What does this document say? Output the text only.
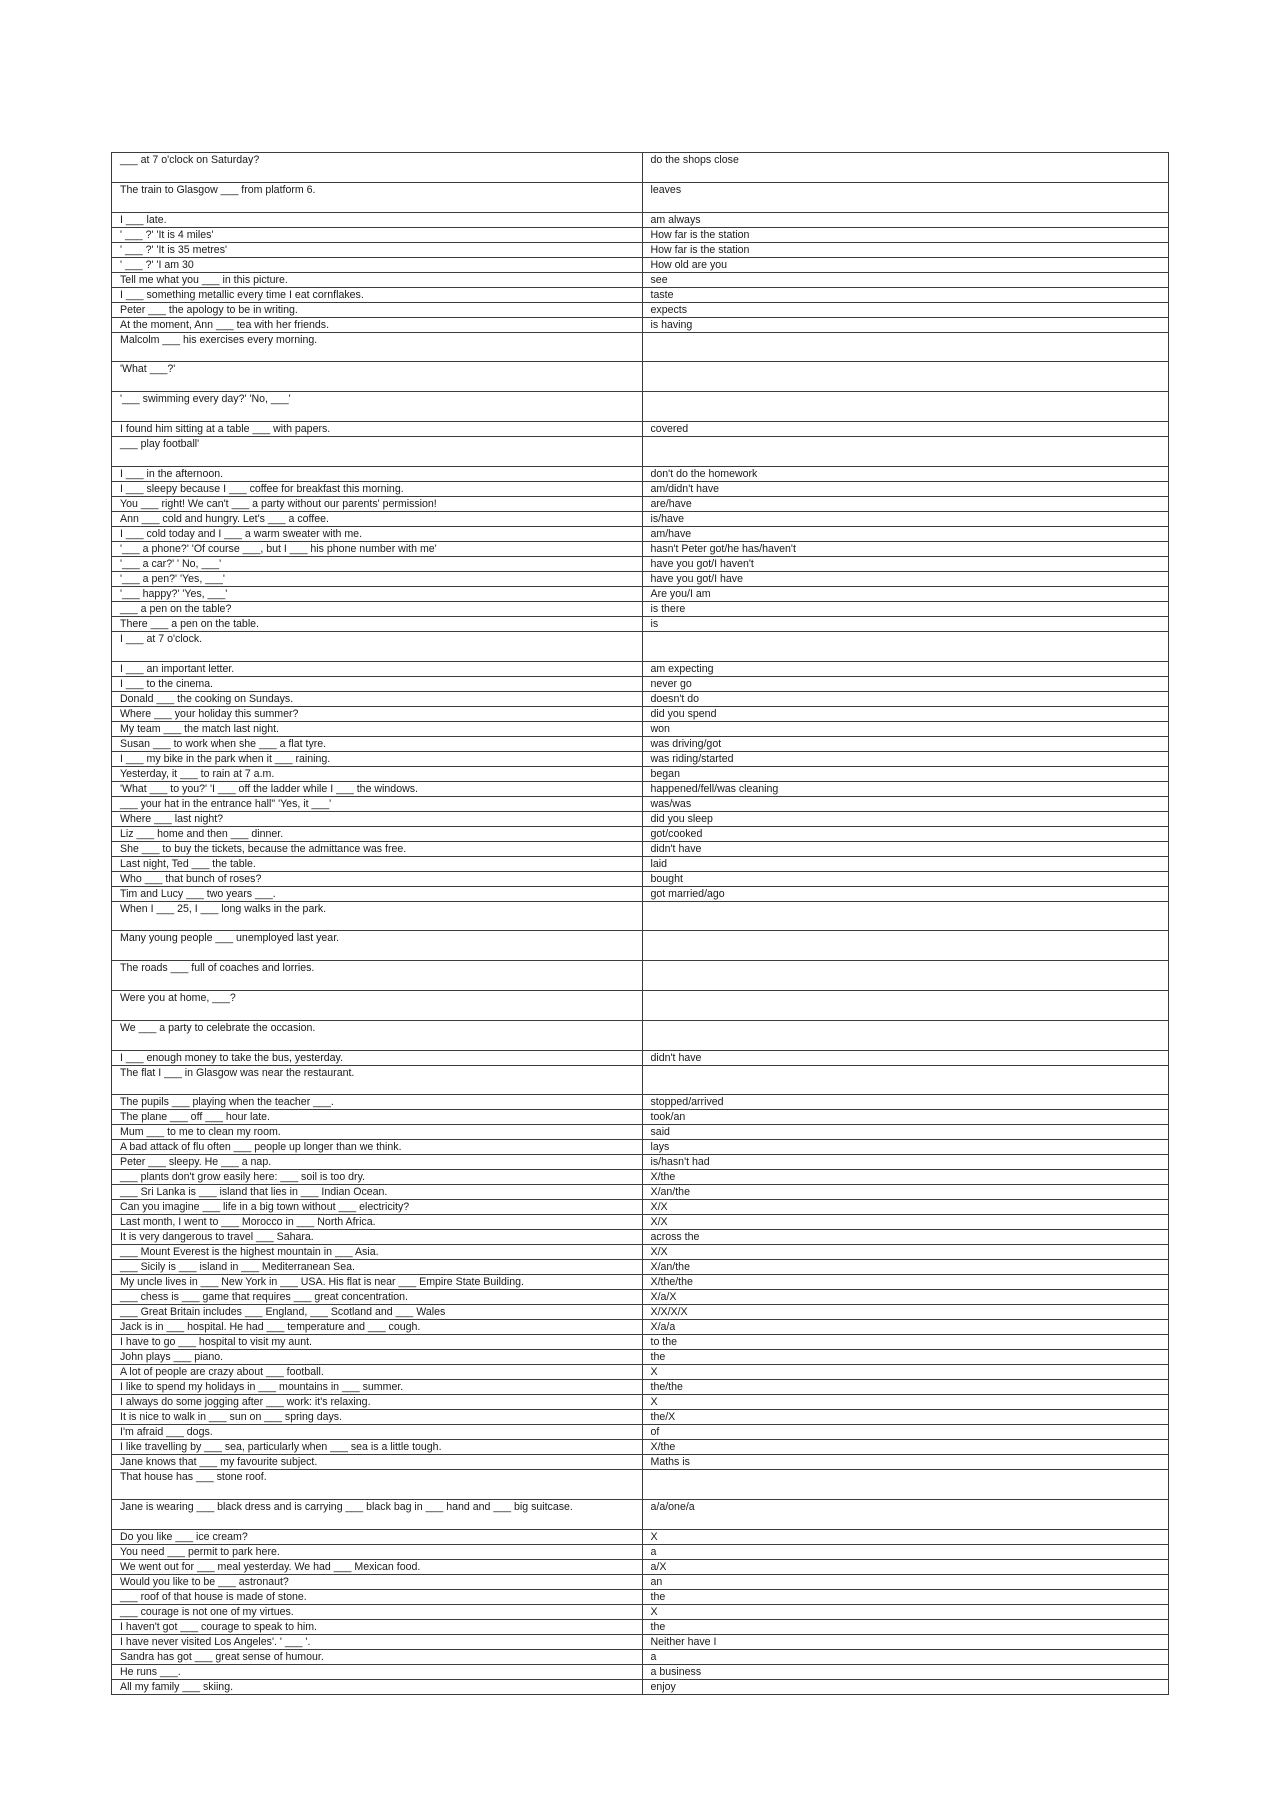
___ at 7 o'clock on Saturday?	do the shops close
The train to Glasgow ___ from platform 6.	leaves
I ___ late.	am always
' ___ ?' 'It is 4 miles'	How far is the station
' ___ ?' 'It is 35 metres'	How far is the station
' ___ ?' 'I am 30	How old are you
Tell me what you ___ in this picture.	see
I ___ something metallic every time I eat cornflakes.	taste
Peter ___ the apology to be in writing.	expects
At the moment, Ann ___ tea with her friends.	is having
Malcolm ___ his exercises every morning.	
'What ___?'	
'___ swimming every day?' 'No, ___'	
I found him sitting at a table ___ with papers.	covered
___ play football'	
I ___ in the afternoon.	don't do the homework
I ___ sleepy because I ___ coffee for breakfast this morning.	am/didn't have
You ___ right! We can't ___ a party without our parents' permission!	are/have
Ann ___ cold and hungry. Let's ___ a coffee.	is/have
I ___ cold today and I ___ a warm sweater with me.	am/have
'___ a phone?' 'Of course ___, but I ___ his phone number with me'	hasn't Peter got/he has/haven't
'___ a car?' ' No, ___'	have you got/I haven't
'___ a pen?' 'Yes, ___'	have you got/I have
'___ happy?' 'Yes, ___'	Are you/I am
___ a pen on the table?	is there
There ___ a pen on the table.	is
I ___ at 7 o'clock.	
I ___ an important letter.	am expecting
I ___ to the cinema.	never go
Donald ___ the cooking on Sundays.	doesn't do
Where ___ your holiday this summer?	did you spend
My team ___ the match last night.	won
Susan ___ to work when she ___ a flat tyre.	was driving/got
I ___ my bike in the park when it ___ raining.	was riding/started
Yesterday, it ___ to rain at 7 a.m.	began
'What ___ to you?' 'I ___ off the ladder while I ___ the windows.	happened/fell/was cleaning
___ your hat in the entrance hall" 'Yes, it ___'	was/was
Where ___ last night?	did you sleep
Liz ___ home and then ___ dinner.	got/cooked
She ___ to buy the tickets, because the admittance was free.	didn't have
Last night, Ted ___ the table.	laid
Who ___ that bunch of roses?	bought
Tim and Lucy ___ two years ___.	got married/ago
When I ___ 25, I ___ long walks in the park.	
Many young people ___ unemployed last year.	
The roads ___ full of coaches and lorries.	
Were you at home, ___?	
We ___ a party to celebrate the occasion.	
I ___ enough money to take the bus, yesterday.	didn't have
The flat I ___ in Glasgow was near the restaurant.	
The pupils ___ playing when the teacher ___.	stopped/arrived
The plane ___ off ___ hour late.	took/an
Mum ___ to me to clean my room.	said
A bad attack of flu often ___ people up longer than we think.	lays
Peter ___ sleepy. He ___ a nap.	is/hasn't had
___ plants don't grow easily here: ___ soil is too dry.	X/the
___ Sri Lanka is ___ island that lies in ___ Indian Ocean.	X/an/the
Can you imagine ___ life in a big town without ___ electricity?	X/X
Last month, I went to ___ Morocco in ___ North Africa.	X/X
It is very dangerous to travel ___ Sahara.	across the
___ Mount Everest is the highest mountain in ___ Asia.	X/X
___ Sicily is ___ island in ___ Mediterranean Sea.	X/an/the
My uncle lives in ___ New York in ___ USA. His flat is near ___ Empire State Building.	X/the/the
___ chess is ___ game that requires ___ great concentration.	X/a/X
___ Great Britain includes ___ England, ___ Scotland and ___ Wales	X/X/X/X
Jack is in ___ hospital. He had ___ temperature and ___ cough.	X/a/a
I have to go ___ hospital to visit my aunt.	to the
John plays ___ piano.	the
A lot of people are crazy about ___ football.	X
I like to spend my holidays in ___ mountains in ___ summer.	the/the
I always do some jogging after ___ work: it's relaxing.	X
It is nice to walk in ___ sun on ___ spring days.	the/X
I'm afraid ___ dogs.	of
I like travelling by ___ sea, particularly when ___ sea is a little tough.	X/the
Jane knows that ___ my favourite subject.	Maths is
That house has ___ stone roof.	
Jane is wearing ___ black dress and is carrying ___ black bag in ___ hand and ___ big suitcase.	a/a/one/a
Do you like ___ ice cream?	X
You need ___ permit to park here.	a
We went out for ___ meal yesterday. We had ___ Mexican food.	a/X
Would you like to be ___ astronaut?	an
___ roof of that house is made of stone.	the
___ courage is not one of my virtues.	X
I haven't got ___ courage to speak to him.	the
I have never visited Los Angeles'. ' ___ '.	Neither have I
Sandra has got ___ great sense of humour.	a
He runs ___.	a business
All my family ___ skiing.	enjoy
